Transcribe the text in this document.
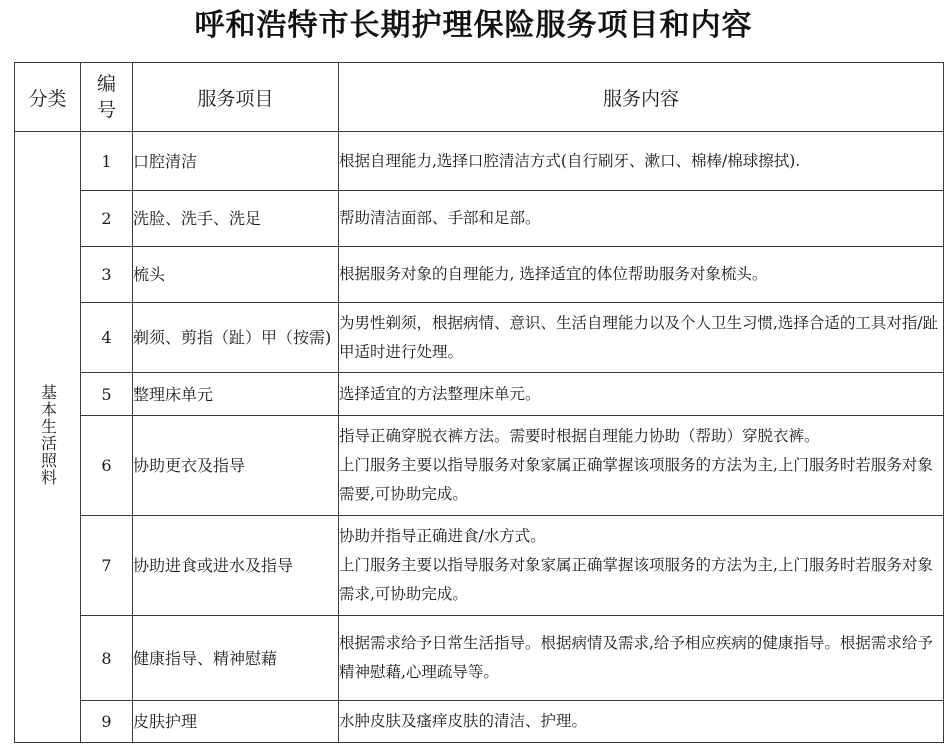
呼和浩特市长期护理保险服务项目和内容
分类	编号	服务项目	服务内容
基本生活照料	1	口腔清洁	根据自理能力,选择口腔清洁方式(自行刷牙、漱口、棉棒/棉球擦拭).

	2	洗脸、洗手、洗足	帮助清洁面部、手部和足部。

	3	梳头	根据服务对象的自理能力, 选择适宜的体位帮助服务对象梳头。

	4	剃须、剪指（趾）甲（按需)	为男性剃须，根据病情、意识、生活自理能力以及个人卫生习惯,选择合适的工具对指/趾甲适时进行处理。

	5	整理床单元	选择适宜的方法整理床单元。

	6	协助更衣及指导	指导正确穿脱衣裤方法。需要时根据自理能力协助（帮助）穿脱衣裤。
上门服务主要以指导服务对象家属正确掌握该项服务的方法为主,上门服务时若服务对象需要,可协助完成。

	7	协助进食或进水及指导	协助并指导正确进食/水方式。
上门服务主要以指导服务对象家属正确掌握该项服务的方法为主,上门服务时若服务对象需求,可协助完成。

	8	健康指导、精神慰藉	根据需求给予日常生活指导。根据病情及需求,给予相应疾病的健康指导。根据需求给予精神慰藉,心理疏导等。

	9	皮肤护理	水肿皮肤及瘙痒皮肤的清洁、护理。
